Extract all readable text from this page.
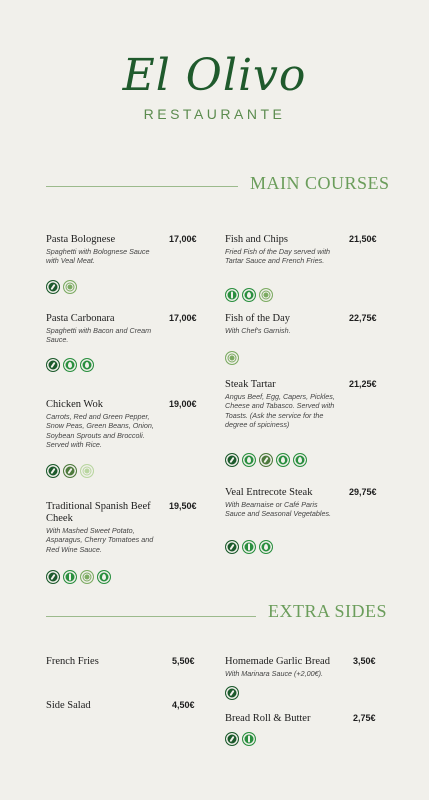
El Olivo
RESTAURANTE
MAIN COURSES
Pasta Bolognese	17,00€
Spaghetti with Bolognese Sauce with Veal Meat.
Pasta Carbonara	17,00€
Spaghetti with Bacon and Cream Sauce.
Chicken Wok	19,00€
Carrots, Red and Green Pepper, Snow Peas, Green Beans, Onion, Soybean Sprouts and Broccoli. Served with Rice.
Traditional Spanish Beef Cheek
19,50€
With Mashed Sweet Potato, Asparagus, Cherry Tomatoes and Red Wine Sauce.
Fish and Chips	21,50€
Fried Fish of the Day served with Tartar Sauce and French Fries.
Fish of the Day	22,75€
With Chef's Garnish.
Steak Tartar	21,25€
Angus Beef, Egg, Capers, Pickles, Cheese and Tabasco. Served with Toasts. (Ask the service for the degree of spiciness)
Veal Entrecote Steak	29,75€
With Bearnaise or Café Paris Sauce and Seasonal Vegetables.
EXTRA SIDES
French Fries	5,50€
Side Salad	4,50€
Homemade Garlic Bread	3,50€
With Marinara Sauce (+2,00€).
Bread Roll & Butter	2,75€
